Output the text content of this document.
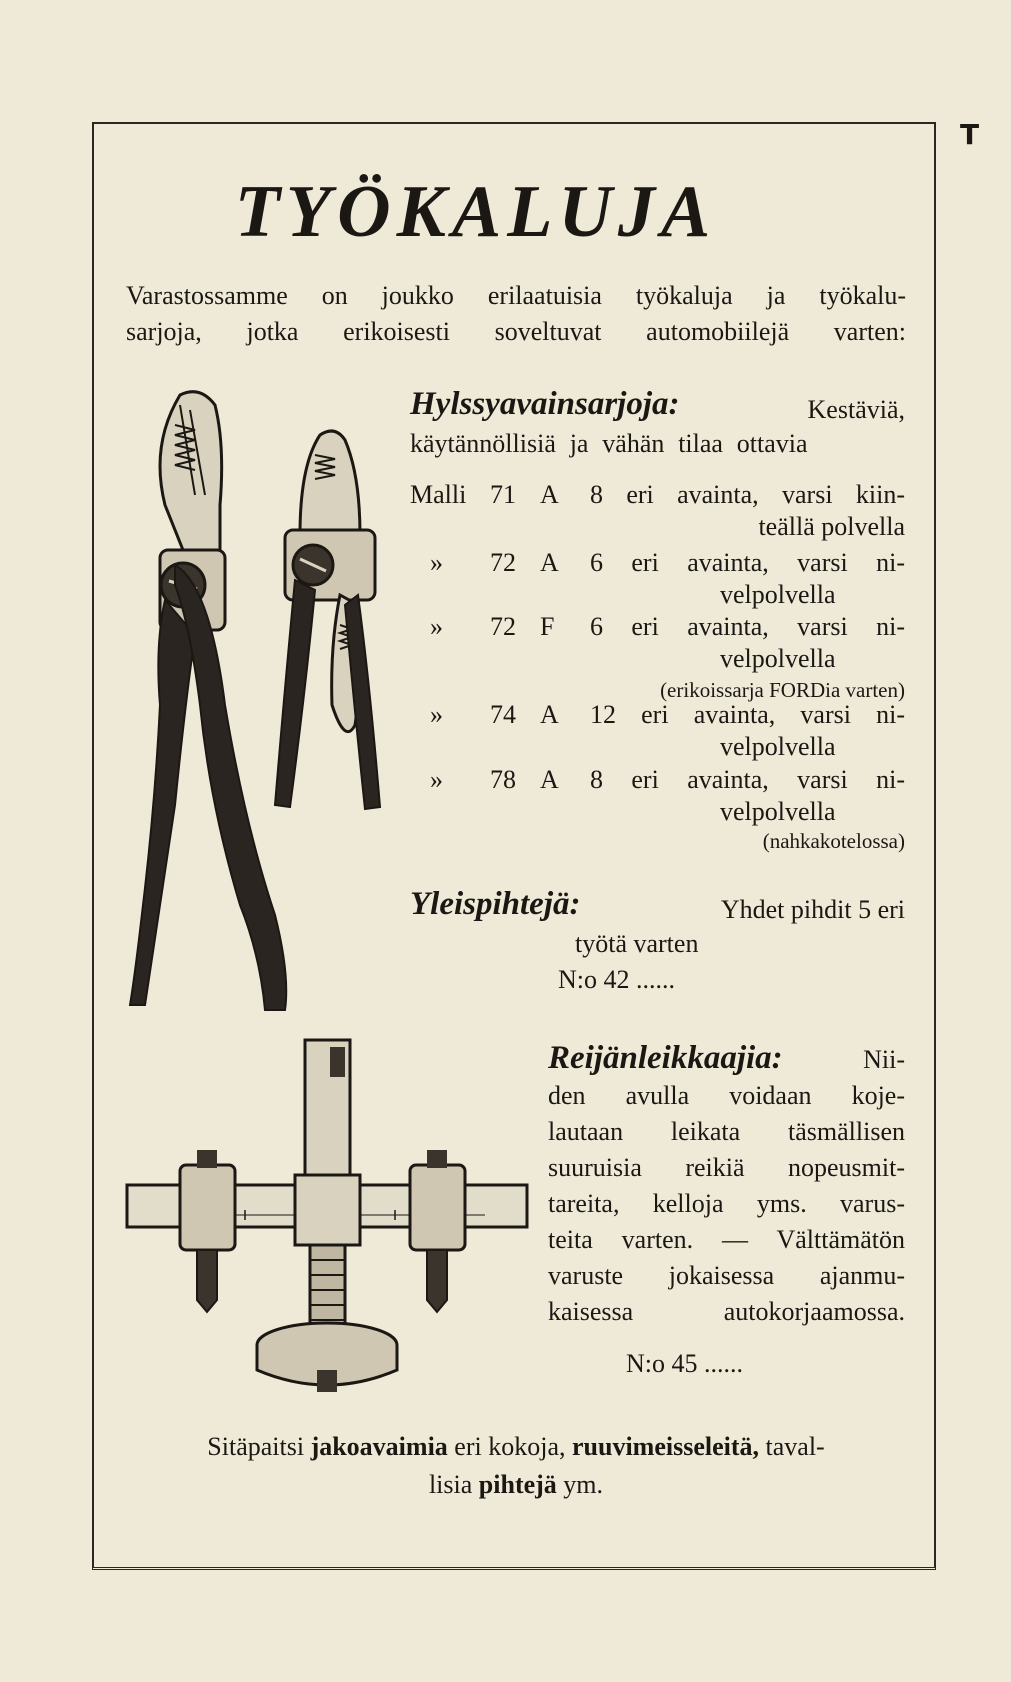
T
TYÖKALUJA
Varastossamme on joukko erilaatuisia työkaluja ja työkalu-
sarjoja, jotka erikoisesti soveltuvat automobiilejä varten:
Hylssyavainsarjoja:	Kestäviä,
käytännöllisiä ja vähän tilaa ottavia
Malli 71 A	8 eri avainta, varsi kiin-
teällä polvella
»	72 A	6 eri avainta, varsi ni-
velpolvella
»	72 F	6 eri avainta, varsi ni-
velpolvella
(erikoissarja FORDia varten)
»	74 A	12 eri avainta, varsi ni-
velpolvella
»	78 A	8 eri avainta, varsi ni-
velpolvella
(nahkakotelossa)
Yleispihtejä:	Yhdet pihdit 5 eri
työtä varten
N:o 42 ......
Reijänleikkaajia:	Nii-
den avulla voidaan koje-
lautaan leikata täsmällisen
suuruisia reikiä nopeusmit-
tareita, kelloja yms. varus-
teita varten. — Välttämätön
varuste jokaisessa ajanmu-
kaisessa autokorjaamossa.
N:o 45 ......
Sitäpaitsi jakoavaimia eri kokoja, ruuvimeisseleitä, taval-
lisia pihtejä ym.
